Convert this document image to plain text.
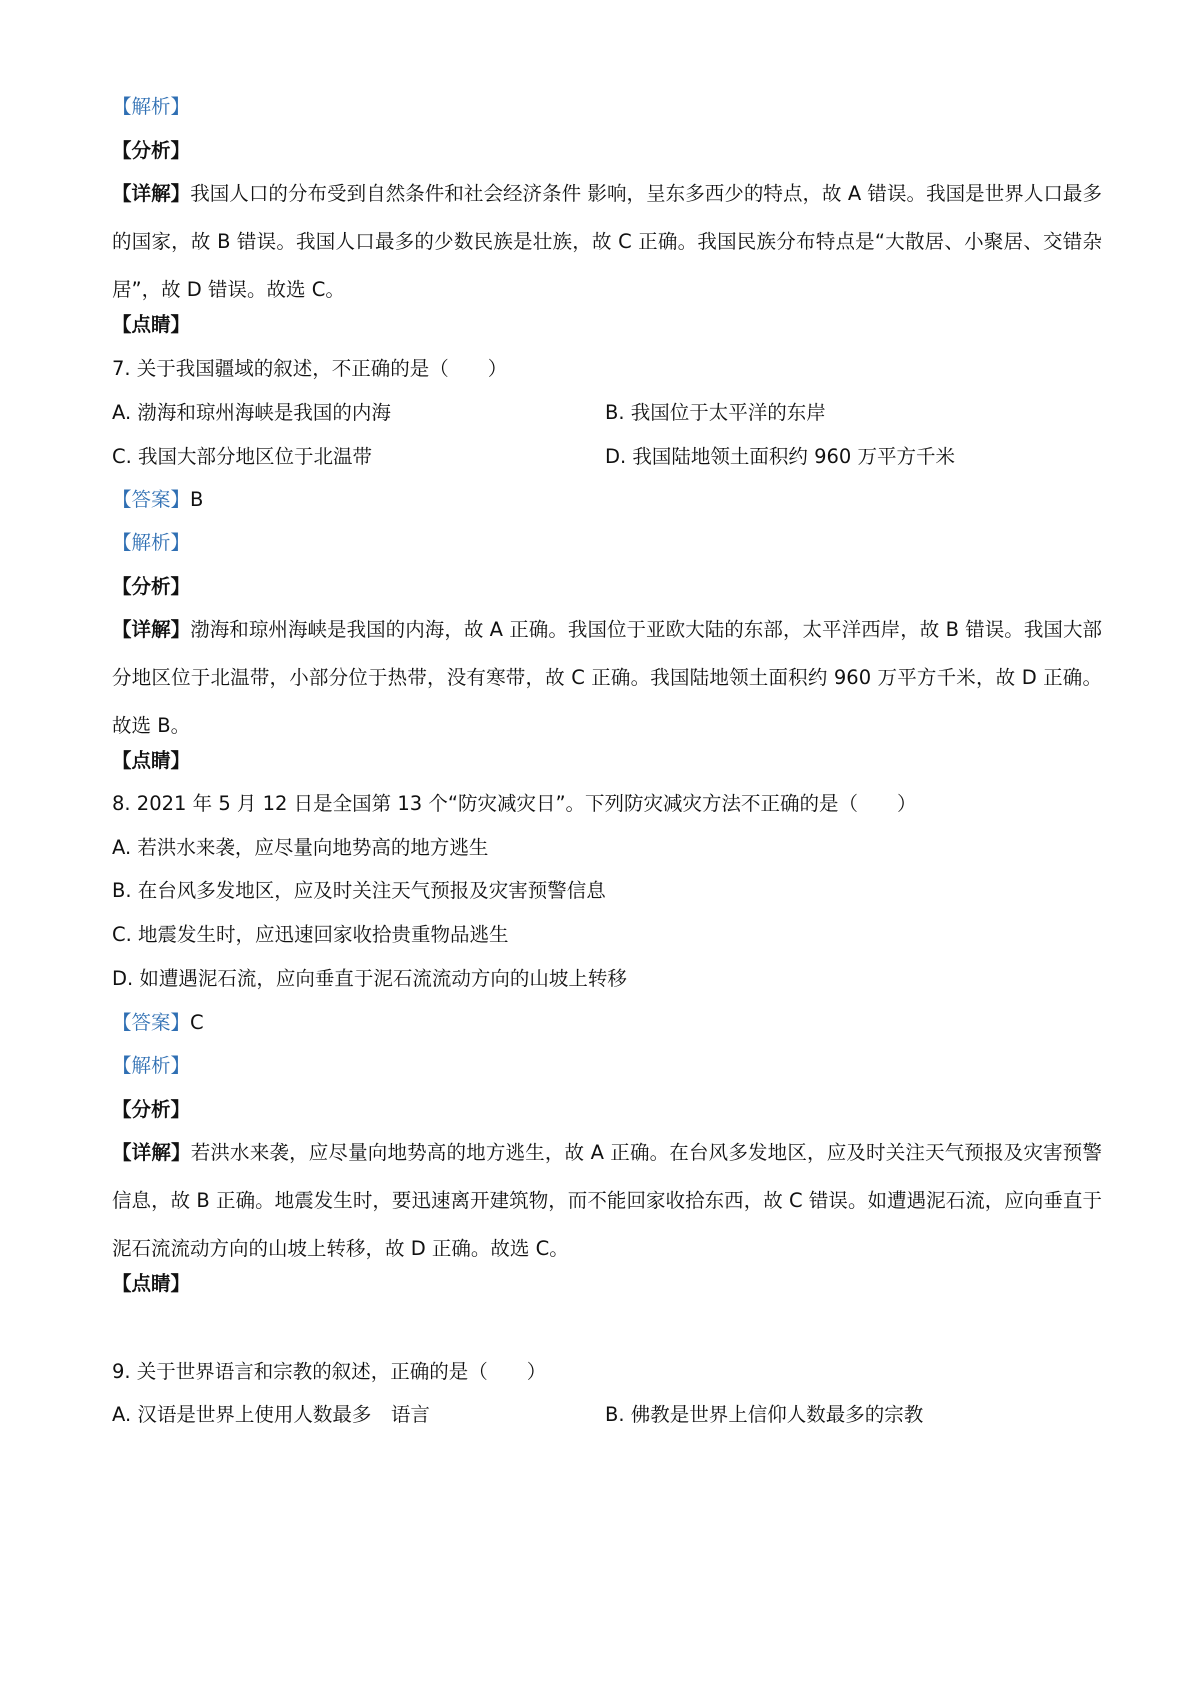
【解析】
【分析】
【详解】我国人口的分布受到自然条件和社会经济条件 影响，呈东多西少的特点，故 A 错误。我国是世界人口最多的国家，故 B 错误。我国人口最多的少数民族是壮族，故 C 正确。我国民族分布特点是“大散居、小聚居、交错杂居”，故 D 错误。故选 C。
【点睛】
7. 关于我国疆域的叙述，不正确的是（　　）
A. 渤海和琼州海峡是我国的内海	B. 我国位于太平洋的东岸
C. 我国大部分地区位于北温带	D. 我国陆地领土面积约 960 万平方千米
【答案】B
【解析】
【分析】
【详解】渤海和琼州海峡是我国的内海，故 A 正确。我国位于亚欧大陆的东部，太平洋西岸，故 B 错误。我国大部分地区位于北温带，小部分位于热带，没有寒带，故 C 正确。我国陆地领土面积约 960 万平方千米，故 D 正确。故选 B。
【点睛】
8. 2021 年 5 月 12 日是全国第 13 个“防灾减灾日”。下列防灾减灾方法不正确的是（　　）
A. 若洪水来袭，应尽量向地势高的地方逃生
B. 在台风多发地区，应及时关注天气预报及灾害预警信息
C. 地震发生时，应迅速回家收拾贵重物品逃生
D. 如遭遇泥石流，应向垂直于泥石流流动方向的山坡上转移
【答案】C
【解析】
【分析】
【详解】若洪水来袭，应尽量向地势高的地方逃生，故 A 正确。在台风多发地区，应及时关注天气预报及灾害预警信息，故 B 正确。地震发生时，要迅速离开建筑物，而不能回家收拾东西，故 C 错误。如遭遇泥石流，应向垂直于泥石流流动方向的山坡上转移，故 D 正确。故选 C。
【点睛】
9. 关于世界语言和宗教的叙述，正确的是（　　）
A. 汉语是世界上使用人数最多　语言	B. 佛教是世界上信仰人数最多的宗教
